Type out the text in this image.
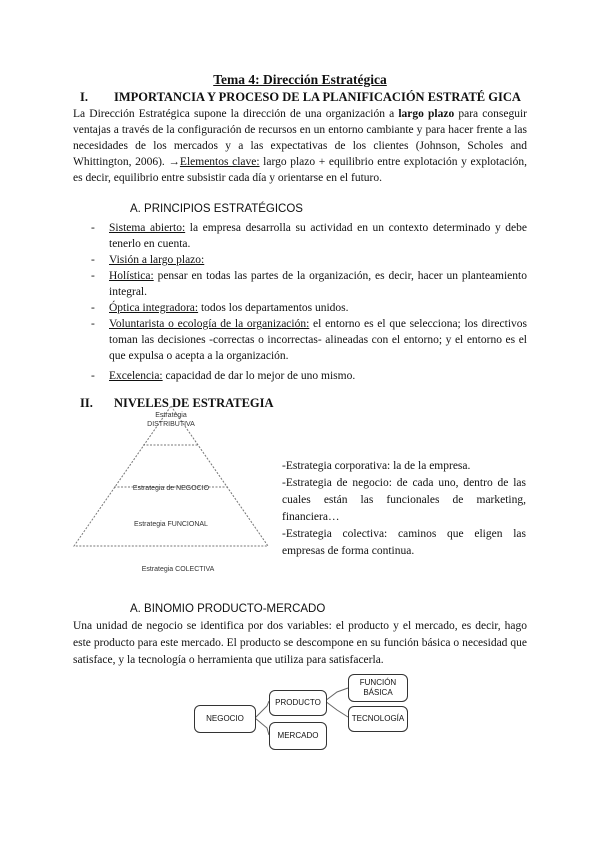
Tema 4: Dirección Estratégica
I. IMPORTANCIA Y PROCESO DE LA PLANIFICACIÓN ESTRATÉ GICA
La Dirección Estratégica supone la dirección de una organización a largo plazo para conseguir ventajas a través de la configuración de recursos en un entorno cambiante y para hacer frente a las necesidades de los mercados y a las expectativas de los clientes (Johnson, Scholes and Whittington, 2006). →Elementos clave: largo plazo + equilibrio entre explotación y explotación, es decir, equilibrio entre subsistir cada día y orientarse en el futuro.
A. PRINCIPIOS ESTRATÉGICOS
- Sistema abierto: la empresa desarrolla su actividad en un contexto determinado y debe tenerlo en cuenta.
- Visión a largo plazo:
- Holística: pensar en todas las partes de la organización, es decir, hacer un planteamiento integral.
- Óptica integradora: todos los departamentos unidos.
- Voluntarista o ecología de la organización: el entorno es el que selecciona; los directivos toman las decisiones -correctas o incorrectas- alineadas con el entorno; y el entorno es el que expulsa o acepta a la organización.
- Excelencia: capacidad de dar lo mejor de uno mismo.
II. NIVELES DE ESTRATEGIA
Estrategia
DISTRIBUTIVA
Estrategia de NEGOCIO
Estrategia FUNCIONAL
Estrategia COLECTIVA
-Estrategia corporativa: la de la empresa.
-Estrategia de negocio: de cada uno, dentro de las cuales están las funcionales de marketing, financiera…
-Estrategia colectiva: caminos que eligen las empresas de forma continua.
A. BINOMIO PRODUCTO-MERCADO
Una unidad de negocio se identifica por dos variables: el producto y el mercado, es decir, hago este producto para este mercado. El producto se descompone en su función básica o necesidad que satisface, y la tecnología o herramienta que utiliza para satisfacerla.
NEGOCIO
PRODUCTO
MERCADO
FUNCIÓN
BÁSICA
TECNOLOGÍA
